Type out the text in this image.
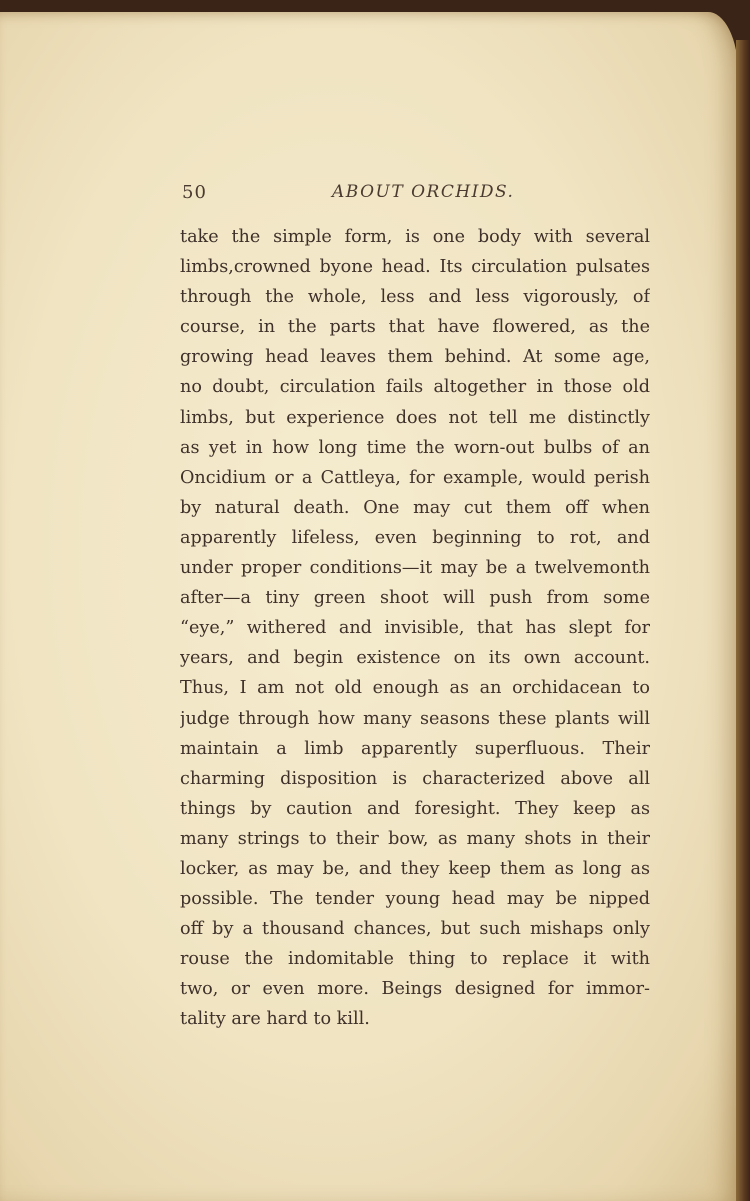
50	ABOUT ORCHIDS.
take the simple form, is one body with several
limbs,crowned byone head. Its circulation pulsates
through the whole, less and less vigorously, of
course, in the parts that have flowered, as the
growing head leaves them behind. At some age,
no doubt, circulation fails altogether in those old
limbs, but experience does not tell me distinctly
as yet in how long time the worn-out bulbs of an
Oncidium or a Cattleya, for example, would perish
by natural death. One may cut them off when
apparently lifeless, even beginning to rot, and
under proper conditions—it may be a twelvemonth
after—a tiny green shoot will push from some
“eye,” withered and invisible, that has slept for
years, and begin existence on its own account.
Thus, I am not old enough as an orchidacean to
judge through how many seasons these plants will
maintain a limb apparently superfluous. Their
charming disposition is characterized above all
things by caution and foresight. They keep as
many strings to their bow, as many shots in their
locker, as may be, and they keep them as long as
possible. The tender young head may be nipped
off by a thousand chances, but such mishaps only
rouse the indomitable thing to replace it with
two, or even more. Beings designed for immor-
tality are hard to kill.
